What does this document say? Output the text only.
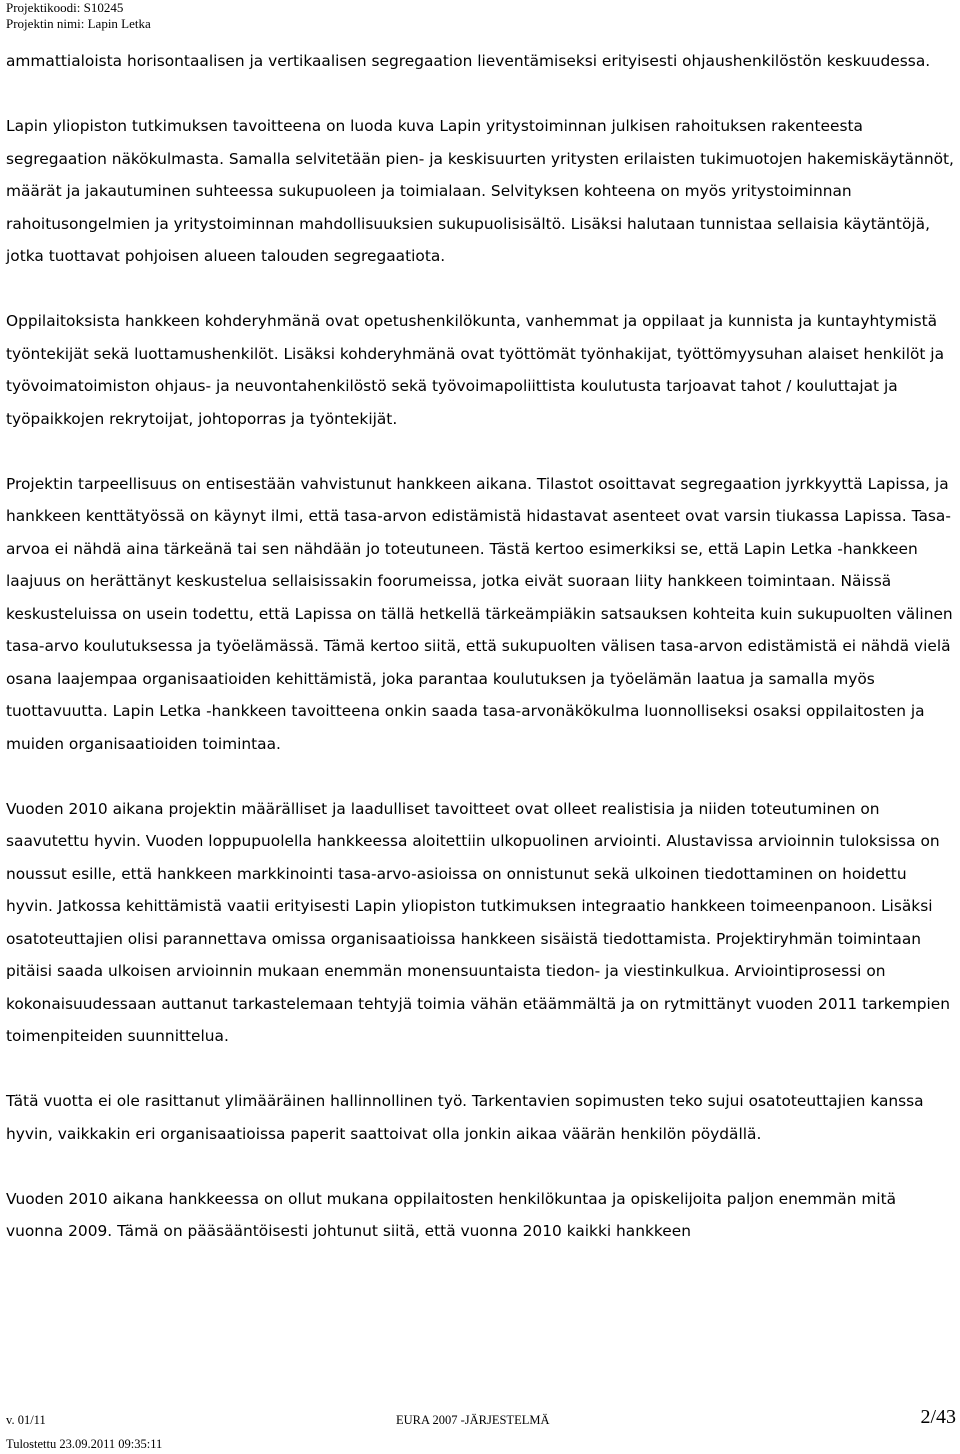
Projektikoodi: S10245
Projektin nimi: Lapin Letka

ammattialoista horisontaalisen ja vertikaalisen segregaation lieventämiseksi erityisesti ohjaushenkilöstön keskuudessa.

Lapin yliopiston tutkimuksen tavoitteena on luoda kuva Lapin yritystoiminnan julkisen rahoituksen rakenteesta segregaation näkökulmasta. Samalla selvitetään pien- ja keskisuurten yritysten erilaisten tukimuotojen hakemiskäytännöt, määrät ja jakautuminen suhteessa sukupuoleen ja toimialaan. Selvityksen kohteena on myös yritystoiminnan rahoitusongelmien ja yritystoiminnan mahdollisuuksien sukupuolisisältö. Lisäksi halutaan tunnistaa sellaisia käytäntöjä, jotka tuottavat pohjoisen alueen talouden segregaatiota.

Oppilaitoksista hankkeen kohderyhmänä ovat opetushenkilökunta, vanhemmat ja oppilaat ja kunnista ja kuntayhtymistä työntekijät sekä luottamushenkilöt. Lisäksi kohderyhmänä ovat työttömät työnhakijat, työttömyysuhan alaiset henkilöt ja työvoimatoimiston ohjaus- ja neuvontahenkilöstö sekä työvoimapoliittista koulutusta tarjoavat tahot / kouluttajat ja työpaikkojen rekrytoijat, johtoporras ja työntekijät.

Projektin tarpeellisuus on entisestään vahvistunut hankkeen aikana. Tilastot osoittavat segregaation jyrkkyyttä Lapissa, ja hankkeen kenttätyössä on käynyt ilmi, että tasa-arvon edistämistä hidastavat asenteet ovat varsin tiukassa Lapissa. Tasa-arvoa ei nähdä aina tärkeänä tai sen nähdään jo toteutuneen. Tästä kertoo esimerkiksi se, että Lapin Letka -hankkeen laajuus on herättänyt keskustelua sellaisissakin foorumeissa, jotka eivät suoraan liity hankkeen toimintaan. Näissä keskusteluissa on usein todettu, että Lapissa on tällä hetkellä tärkeämpiäkin satsauksen kohteita kuin sukupuolten välinen tasa-arvo koulutuksessa ja työelämässä. Tämä kertoo siitä, että sukupuolten välisen tasa-arvon edistämistä ei nähdä vielä osana laajempaa organisaatioiden kehittämistä, joka parantaa koulutuksen ja työelämän laatua ja samalla myös tuottavuutta. Lapin Letka -hankkeen tavoitteena onkin saada tasa-arvonäkökulma luonnolliseksi osaksi oppilaitosten ja muiden organisaatioiden toimintaa.

Vuoden 2010 aikana projektin määrälliset ja laadulliset tavoitteet ovat olleet realistisia ja niiden toteutuminen on saavutettu hyvin. Vuoden loppupuolella hankkeessa aloitettiin ulkopuolinen arviointi. Alustavissa arvioinnin tuloksissa on noussut esille, että hankkeen markkinointi tasa-arvo-asioissa on onnistunut sekä ulkoinen tiedottaminen on hoidettu hyvin. Jatkossa kehittämistä vaatii erityisesti Lapin yliopiston tutkimuksen integraatio hankkeen toimeenpanoon. Lisäksi osatoteuttajien olisi parannettava omissa organisaatioissa hankkeen sisäistä tiedottamista. Projektiryhmän toimintaan pitäisi saada ulkoisen arvioinnin mukaan enemmän monensuuntaista tiedon- ja viestinkulkua. Arviointiprosessi on kokonaisuudessaan auttanut tarkastelemaan tehtyjä toimia vähän etäämmältä ja on rytmittänyt vuoden 2011 tarkempien toimenpiteiden suunnittelua.

Tätä vuotta ei ole rasittanut ylimääräinen hallinnollinen työ. Tarkentavien sopimusten teko sujui osatoteuttajien kanssa hyvin, vaikkakin eri organisaatioissa paperit saattoivat olla jonkin aikaa väärän henkilön pöydällä.

Vuoden 2010 aikana hankkeessa on ollut mukana oppilaitosten henkilökuntaa ja opiskelijoita paljon enemmän mitä vuonna 2009. Tämä on pääsääntöisesti johtunut siitä, että vuonna 2010 kaikki hankkeen

v. 01/11	EURA 2007 -JÄRJESTELMÄ	2/43
Tulostettu 23.09.2011 09:35:11
